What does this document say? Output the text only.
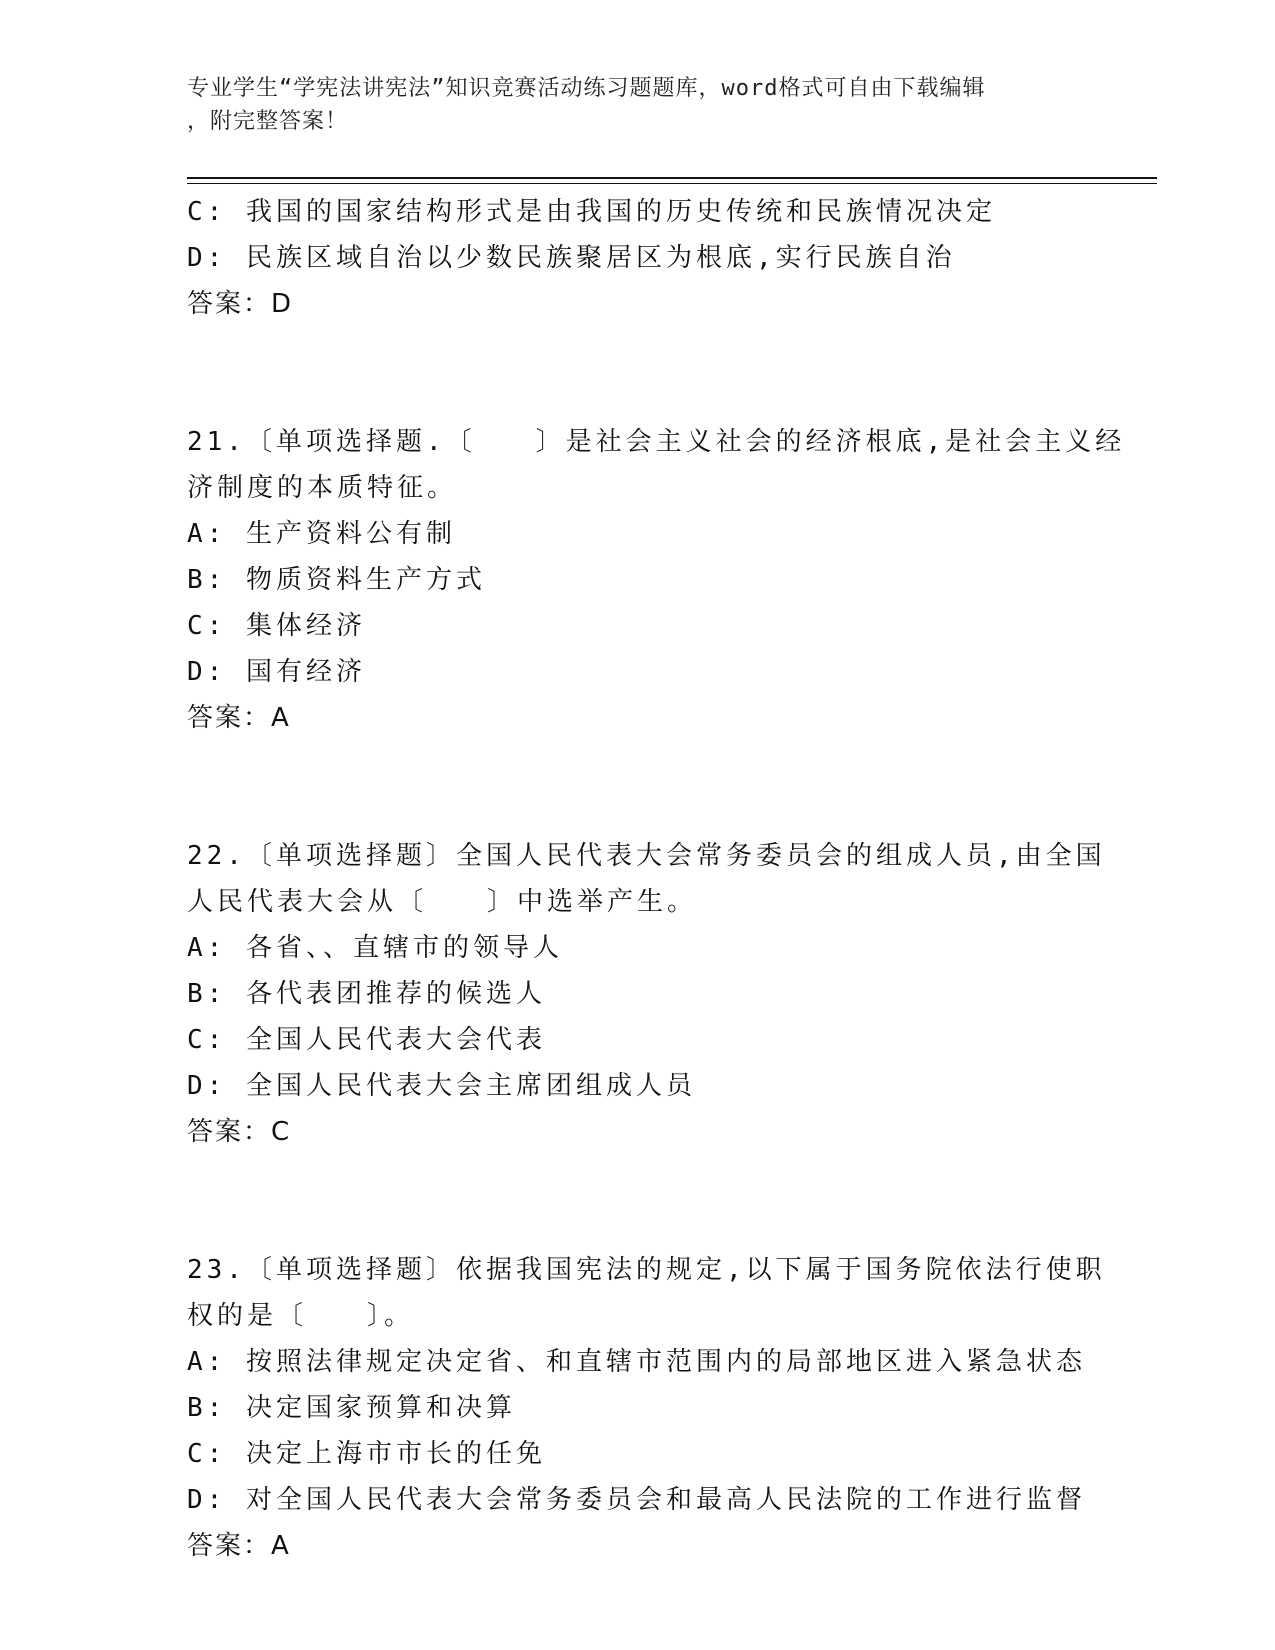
专业学生“学宪法讲宪法”知识竞赛活动练习题题库，word格式可自由下载编辑
，附完整答案！
C: 我国的国家结构形式是由我国的历史传统和民族情况决定
D: 民族区域自治以少数民族聚居区为根底,实行民族自治
答案：D
21.〔单项选择题.〔　　〕是社会主义社会的经济根底,是社会主义经
济制度的本质特征。
A: 生产资料公有制
B: 物质资料生产方式
C: 集体经济
D: 国有经济
答案：A
22.〔单项选择题〕全国人民代表大会常务委员会的组成人员,由全国
人民代表大会从〔　　〕中选举产生。
A: 各省、、直辖市的领导人
B: 各代表团推荐的候选人
C: 全国人民代表大会代表
D: 全国人民代表大会主席团组成人员
答案：C
23.〔单项选择题〕依据我国宪法的规定,以下属于国务院依法行使职
权的是〔　　〕。
A: 按照法律规定决定省、和直辖市范围内的局部地区进入紧急状态
B: 决定国家预算和决算
C: 决定上海市市长的任免
D: 对全国人民代表大会常务委员会和最高人民法院的工作进行监督
答案：A
